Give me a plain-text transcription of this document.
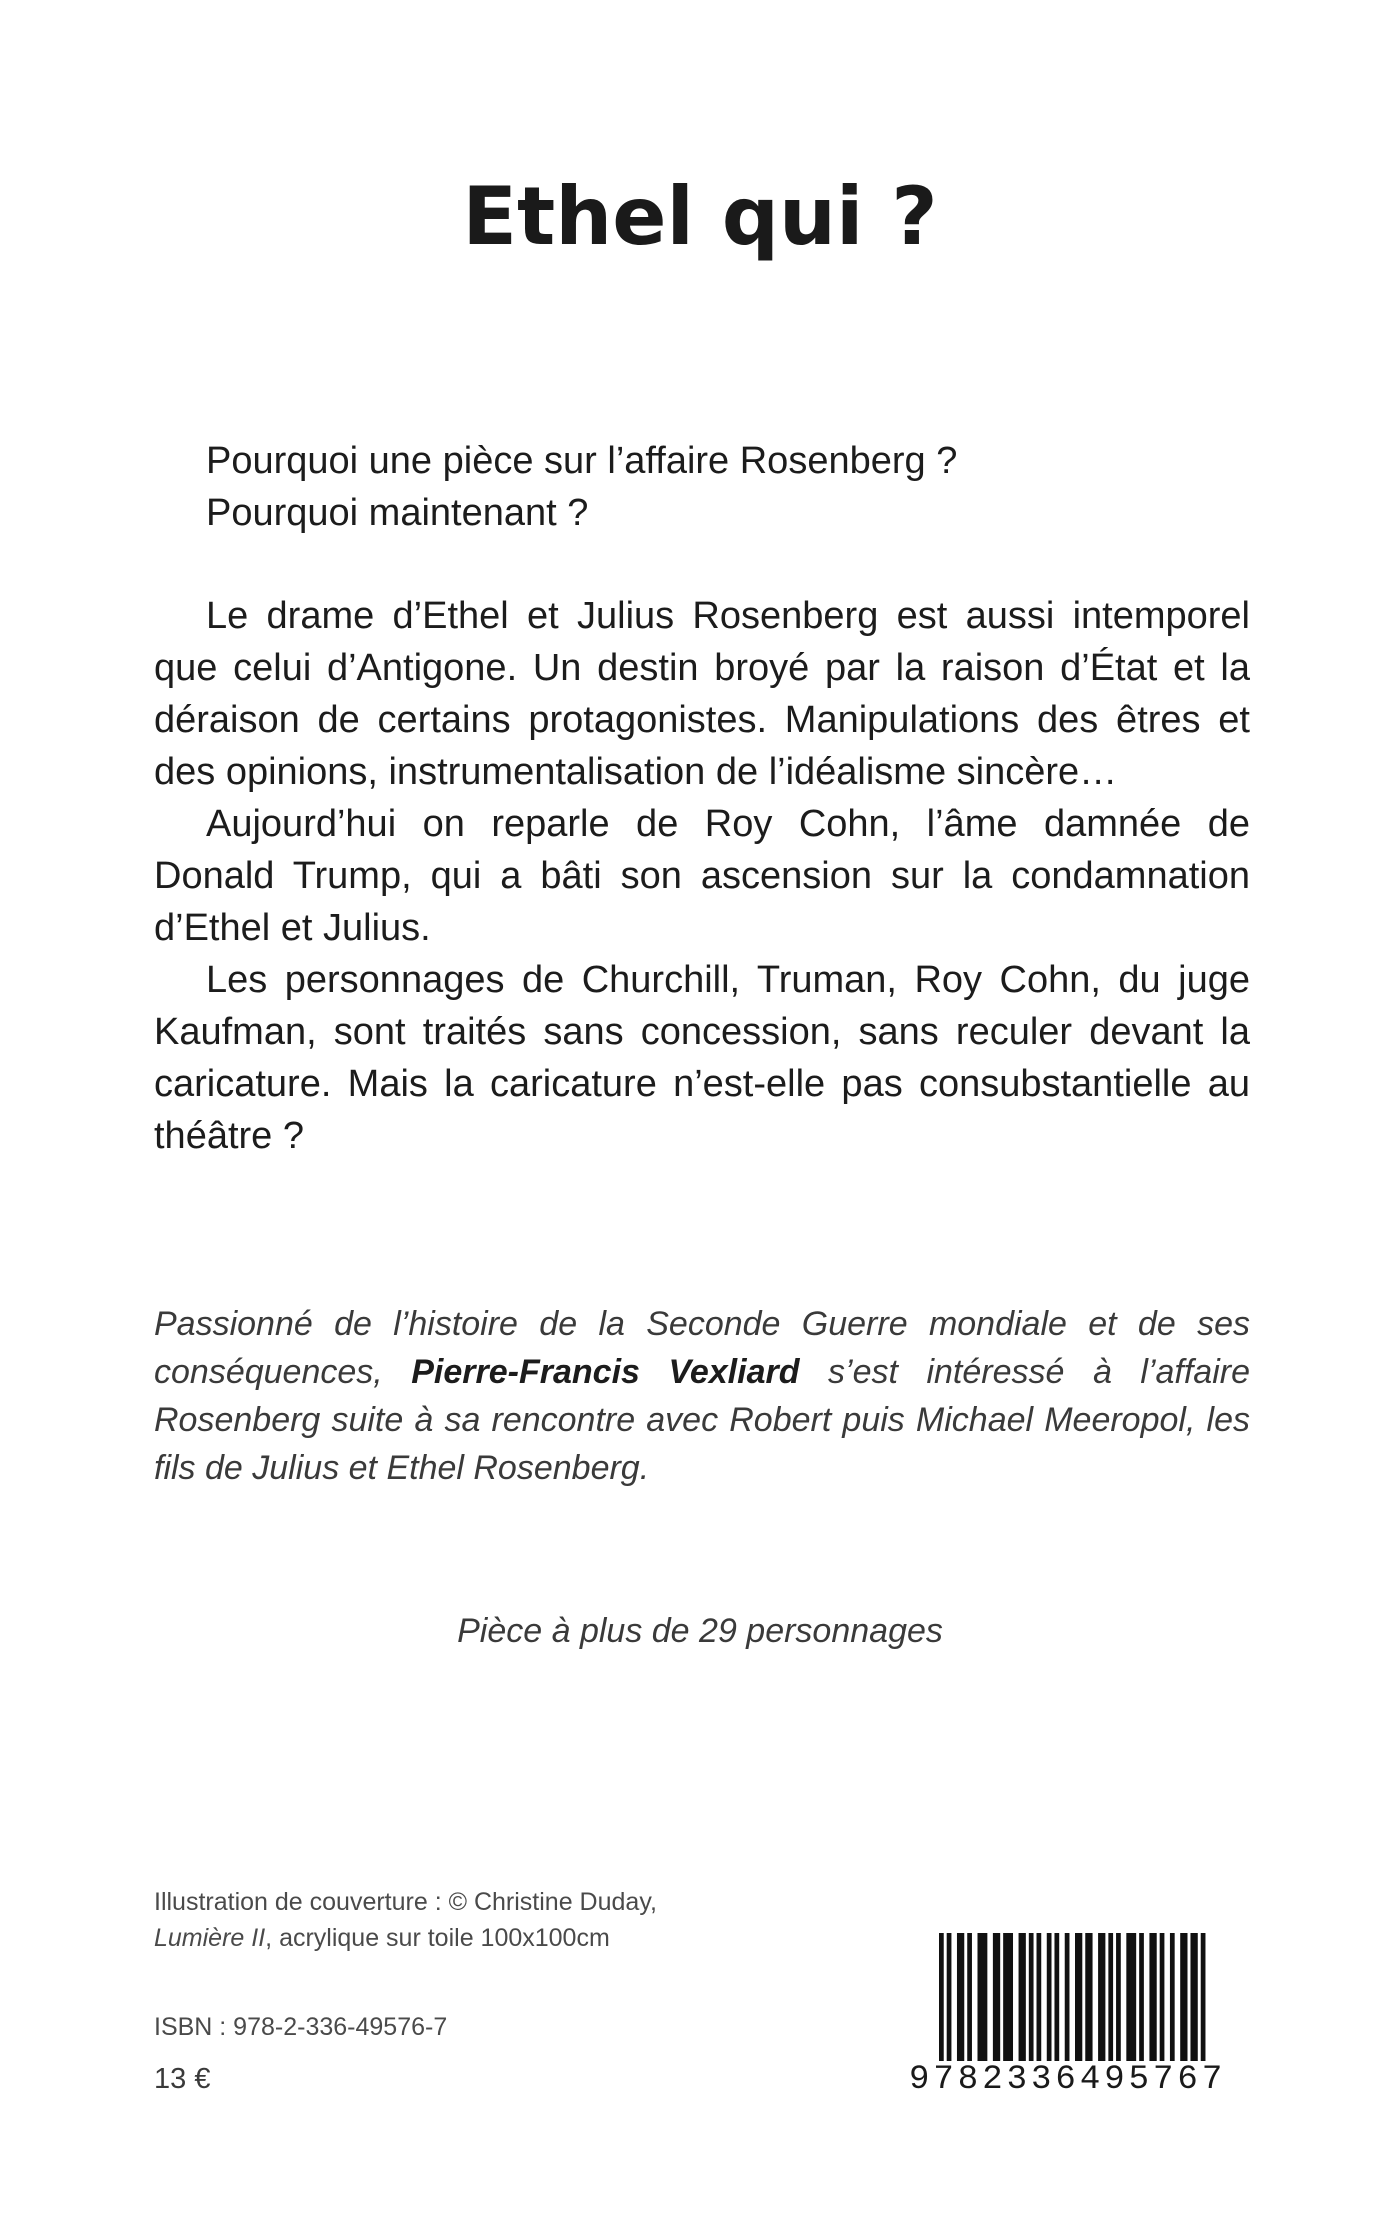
Ethel qui ?

Pourquoi une pièce sur l’affaire Rosenberg ?

Pourquoi maintenant ?

Le drame d’Ethel et Julius Rosenberg est aussi intemporel que celui d’Antigone. Un destin broyé par la raison d’État et la déraison de certains protagonistes. Manipulations des êtres et des opinions, instrumentalisation de l’idéalisme sincère…

Aujourd’hui on reparle de Roy Cohn, l’âme damnée de Donald Trump, qui a bâti son ascension sur la condamnation d’Ethel et Julius.

Les personnages de Churchill, Truman, Roy Cohn, du juge Kaufman, sont traités sans concession, sans reculer devant la caricature. Mais la caricature n’est-elle pas consubstantielle au théâtre ?

Passionné de l’histoire de la Seconde Guerre mondiale et de ses conséquences, Pierre-Francis Vexliard s’est intéressé à l’affaire Rosenberg suite à sa rencontre avec Robert puis Michael Meeropol, les fils de Julius et Ethel Rosenberg.

Pièce à plus de 29 personnages

Illustration de couverture : © Christine Duday,
Lumière II, acrylique sur toile 100x100cm

ISBN : 978-2-336-49576-7

13 €	9782336495767
